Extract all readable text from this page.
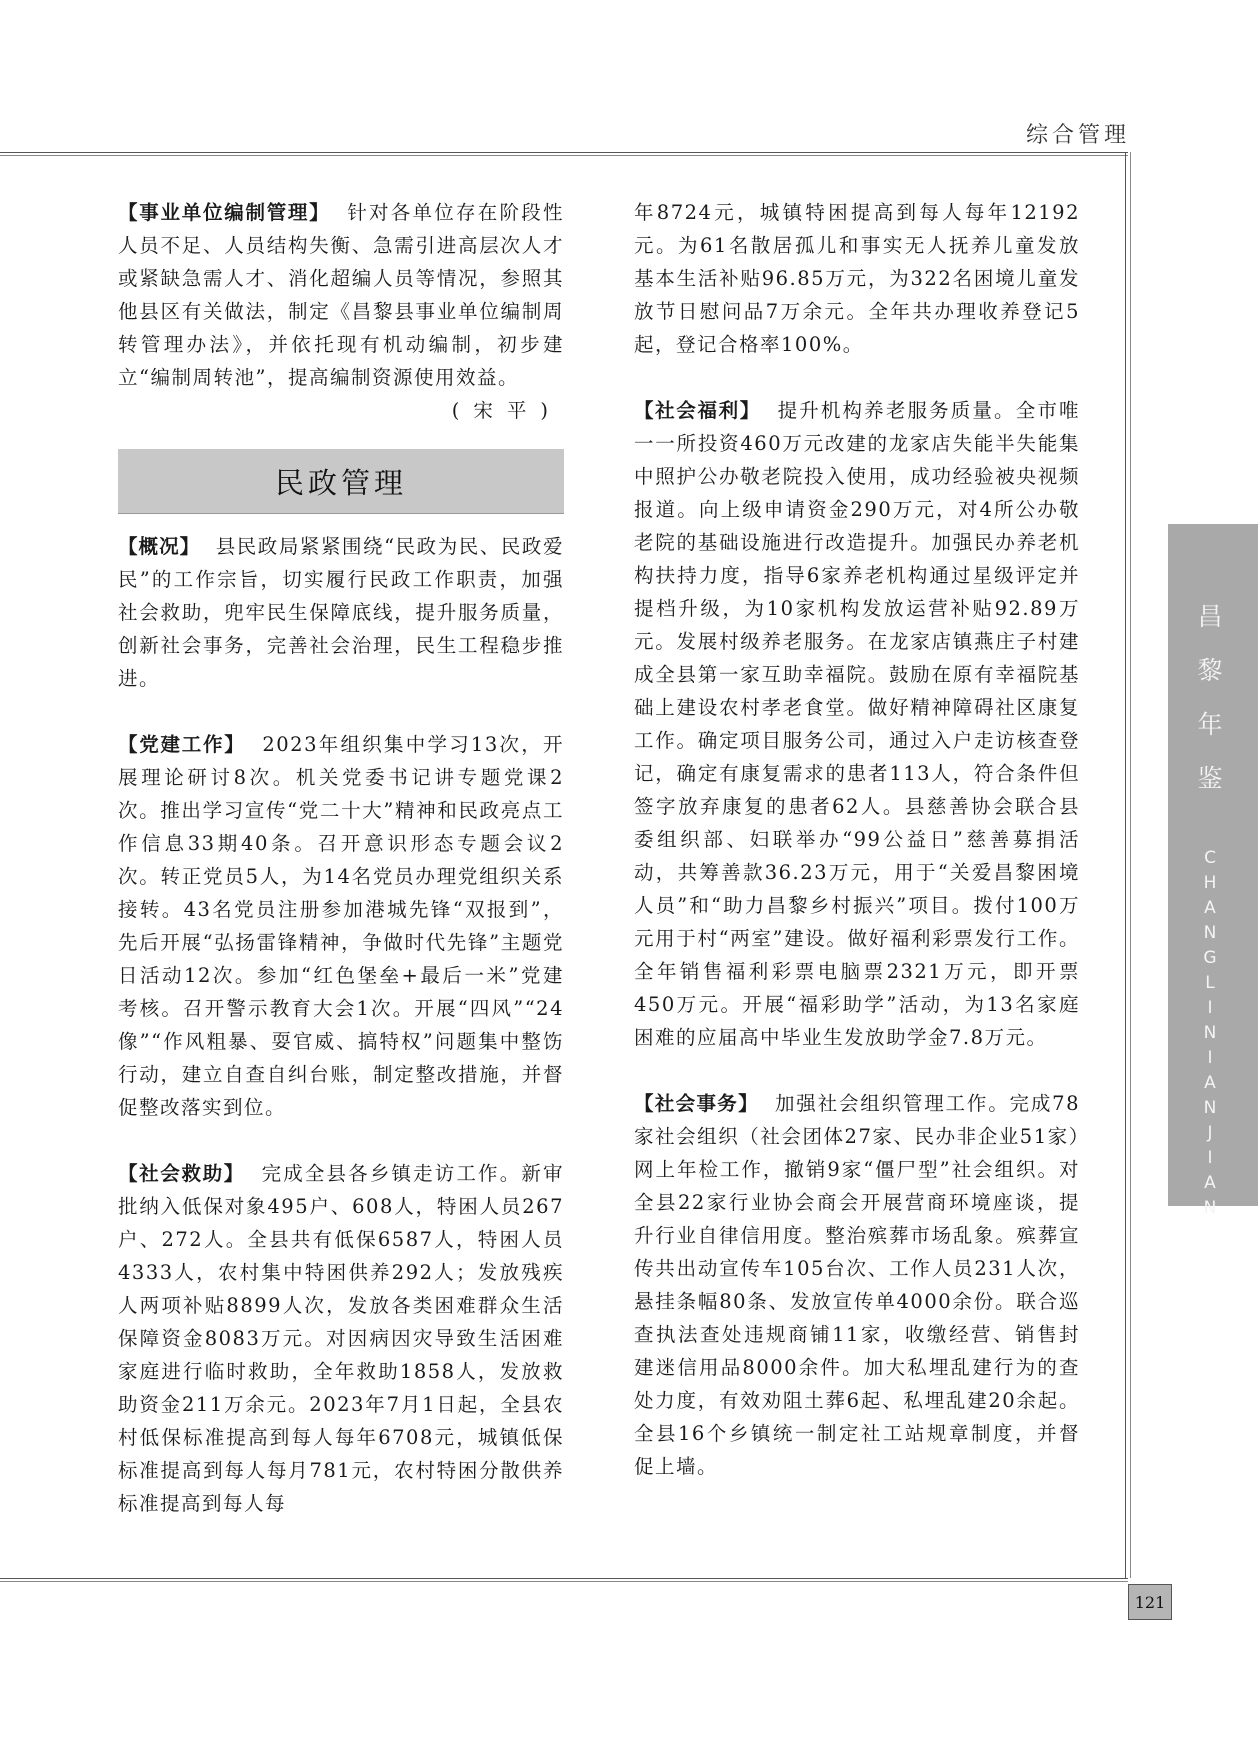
综合管理

【事业单位编制管理】 针对各单位存在阶段性人员不足、人员结构失衡、急需引进高层次人才或紧缺急需人才、消化超编人员等情况，参照其他县区有关做法，制定《昌黎县事业单位编制周转管理办法》，并依托现有机动编制，初步建立“编制周转池”，提高编制资源使用效益。

(宋平)
民政管理

【概况】 县民政局紧紧围绕“民政为民、民政爱民”的工作宗旨，切实履行民政工作职责，加强社会救助，兜牢民生保障底线，提升服务质量，创新社会事务，完善社会治理，民生工程稳步推进。

【党建工作】 2023年组织集中学习13次，开展理论研讨8次。机关党委书记讲专题党课2次。推出学习宣传“党二十大”精神和民政亮点工作信息33期40条。召开意识形态专题会议2次。转正党员5人，为14名党员办理党组织关系接转。43名党员注册参加港城先锋“双报到”，先后开展“弘扬雷锋精神，争做时代先锋”主题党日活动12次。参加“红色堡垒+最后一米”党建考核。召开警示教育大会1次。开展“四风”“24像”“作风粗暴、耍官威、搞特权”问题集中整饬行动，建立自查自纠台账，制定整改措施，并督促整改落实到位。

【社会救助】 完成全县各乡镇走访工作。新审批纳入低保对象495户、608人，特困人员267户、272人。全县共有低保6587人，特困人员4333人，农村集中特困供养292人；发放残疾人两项补贴8899人次，发放各类困难群众生活保障资金8083万元。对因病因灾导致生活困难家庭进行临时救助，全年救助1858人，发放救助资金211万余元。2023年7月1日起，全县农村低保标准提高到每人每年6708元，城镇低保标准提高到每人每月781元，农村特困分散供养标准提高到每人每

年8724元，城镇特困提高到每人每年12192元。为61名散居孤儿和事实无人抚养儿童发放基本生活补贴96.85万元，为322名困境儿童发放节日慰问品7万余元。全年共办理收养登记5起，登记合格率100%。

【社会福利】 提升机构养老服务质量。全市唯一一所投资460万元改建的龙家店失能半失能集中照护公办敬老院投入使用，成功经验被央视频报道。向上级申请资金290万元，对4所公办敬老院的基础设施进行改造提升。加强民办养老机构扶持力度，指导6家养老机构通过星级评定并提档升级，为10家机构发放运营补贴92.89万元。发展村级养老服务。在龙家店镇燕庄子村建成全县第一家互助幸福院。鼓励在原有幸福院基础上建设农村孝老食堂。做好精神障碍社区康复工作。确定项目服务公司，通过入户走访核查登记，确定有康复需求的患者113人，符合条件但签字放弃康复的患者62人。县慈善协会联合县委组织部、妇联举办“99公益日”慈善募捐活动，共筹善款36.23万元，用于“关爱昌黎困境人员”和“助力昌黎乡村振兴”项目。拨付100万元用于村“两室”建设。做好福利彩票发行工作。全年销售福利彩票电脑票2321万元，即开票450万元。开展“福彩助学”活动，为13名家庭困难的应届高中毕业生发放助学金7.8万元。

【社会事务】 加强社会组织管理工作。完成78家社会组织（社会团体27家、民办非企业51家）网上年检工作，撤销9家“僵尸型”社会组织。对全县22家行业协会商会开展营商环境座谈，提升行业自律信用度。整治殡葬市场乱象。殡葬宣传共出动宣传车105台次、工作人员231人次，悬挂条幅80条、发放宣传单4000余份。联合巡查执法查处违规商铺11家，收缴经营、销售封建迷信用品8000余件。加大私埋乱建行为的查处力度，有效劝阻土葬6起、私埋乱建20余起。全县16个乡镇统一制定社工站规章制度，并督促上墙。

昌
黎
年
鉴
C
H
A
N
G
L
I
N
I
A
N
J
I
A
N
121
